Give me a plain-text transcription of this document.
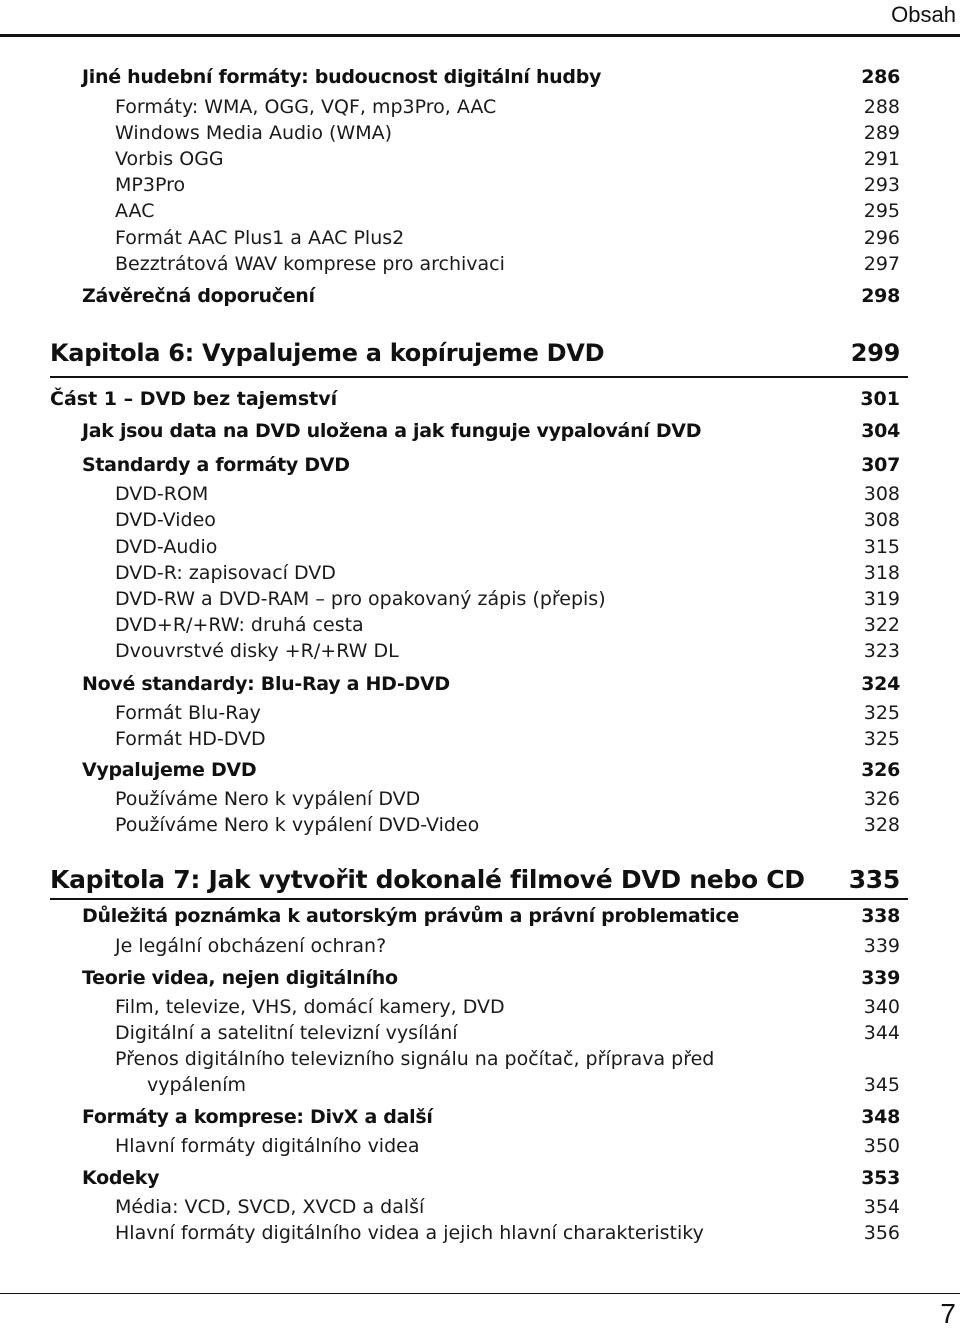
Obsah
Jiné hudební formáty: budoucnost digitální hudby	286
Formáty: WMA, OGG, VQF, mp3Pro, AAC	288
Windows Media Audio (WMA)	289
Vorbis OGG	291
MP3Pro	293
AAC	295
Formát AAC Plus1 a AAC Plus2	296
Bezztrátová WAV komprese pro archivaci	297
Závěrečná doporučení	298
Kapitola 6: Vypalujeme a kopírujeme DVD	299
Část 1 – DVD bez tajemství	301
Jak jsou data na DVD uložena a jak funguje vypalování DVD	304
Standardy a formáty DVD	307
DVD-ROM	308
DVD-Video	308
DVD-Audio	315
DVD-R: zapisovací DVD	318
DVD-RW a DVD-RAM – pro opakovaný zápis (přepis)	319
DVD+R/+RW: druhá cesta	322
Dvouvrstvé disky +R/+RW DL	323
Nové standardy: Blu-Ray a HD-DVD	324
Formát Blu-Ray	325
Formát HD-DVD	325
Vypalujeme DVD	326
Používáme Nero k vypálení DVD	326
Používáme Nero k vypálení DVD-Video	328
Kapitola 7: Jak vytvořit dokonalé filmové DVD nebo CD	335
Důležitá poznámka k autorským právům a právní problematice	338
Je legální obcházení ochran?	339
Teorie videa, nejen digitálního	339
Film, televize, VHS, domácí kamery, DVD	340
Digitální a satelitní televizní vysílání	344
Přenos digitálního televizního signálu na počítač, příprava před
vypálením	345
Formáty a komprese: DivX a další	348
Hlavní formáty digitálního videa	350
Kodeky	353
Média: VCD, SVCD, XVCD a další	354
Hlavní formáty digitálního videa a jejich hlavní charakteristiky	356
7
